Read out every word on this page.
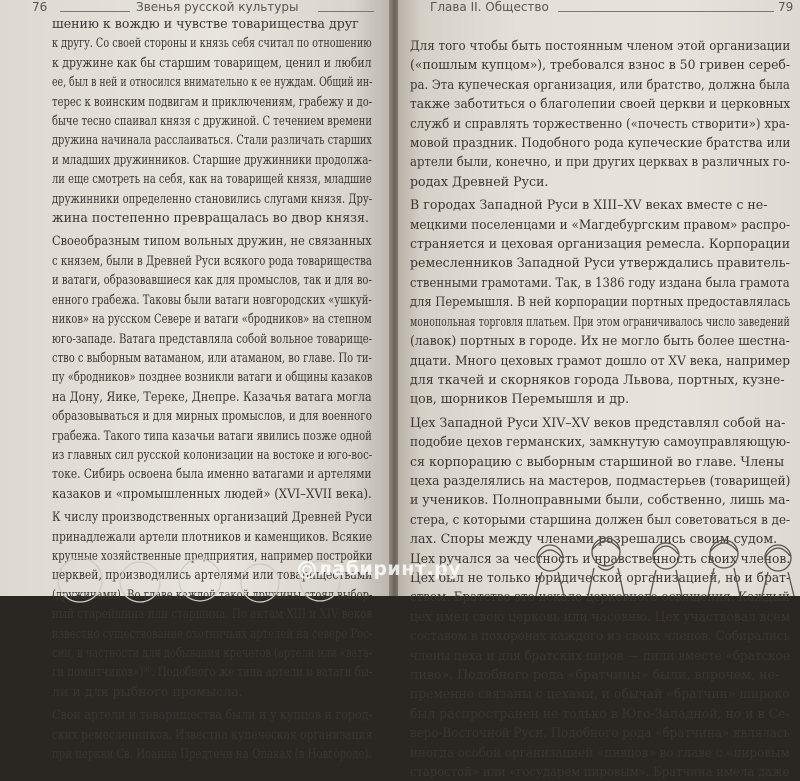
76	Звенья русской культуры
шению к вождю и чувстве товарищества друг
к другу. Со своей стороны и князь себя считал по отношению
к дружине как бы старшим товарищем, ценил и любил
ее, был в ней и относился внимательно к ее нуждам. Общий ин-
терес к воинским подвигам и приключениям, грабежу и до-
быче тесно спаивал князя с дружиной. С течением времени
дружина начинала расслаиваться. Стали различать старших
и младших дружинников. Старшие дружинники продолжа-
ли еще смотреть на себя, как на товарищей князя, младшие
дружинники определенно становились слугами князя. Дру-
жина постепенно превращалась во двор князя.
Своеобразным типом вольных дружин, не связанных
с князем, были в Древней Руси всякого рода товарищества
и ватаги, образовавшиеся как для промыслов, так и для во-
енного грабежа. Таковы были ватаги новгородских «ушкуй-
ников» на русском Севере и ватаги «бродников» на степном
юго-западе. Ватага представляла собой вольное товарище-
ство с выборным ватаманом, или атаманом, во главе. По ти-
пу «бродников» позднее возникли ватаги и общины казаков
на Дону, Яике, Тереке, Днепре. Казачья ватага могла
образовываться и для мирных промыслов, и для военного
грабежа. Такого типа казачьи ватаги явились позже одной
из главных сил русской колонизации на востоке и юго-вос-
токе. Сибирь освоена была именно ватагами и артелями
казаков и «промышленных людей» (XVI–XVII века).
К числу производственных организаций Древней Руси
принадлежали артели плотников и каменщиков. Всякие
крупные хозяйственные предприятия, например постройки
церквей, производились артелями или товариществами
(дружинами). Во главе каждой такой дружины стоял выбор-
ный старейшина или старшина. По актам XIII и XIV веков
известно существование охотничьих артелей на севере Рос-
сии, в частности для добывания кречетов (артели или «вата-
ги помытчиков»)⁹⁰. Подобного же типа артели и ватаги бы-
ли и для рыбного промысла.
Свои артели и товарищества были и у купцов и город-
ских ремесленников. Известна купеческая организация
при церкви Св. Иоанна Предтечи на Опаках (в Новгороде).
Глава II. Общество	79
Для того чтобы быть постоянным членом этой организации
(«пошлым купцом»), требовался взнос в 50 гривен сереб-
ра. Эта купеческая организация, или братство, должна была
также заботиться о благолепии своей церкви и церковных
служб и справлять торжественно («почесть створити») хра-
мовой праздник. Подобного рода купеческие братства или
артели были, конечно, и при других церквах в различных го-
родах Древней Руси.
В городах Западной Руси в XIII–XV веках вместе с не-
мецкими поселенцами и «Магдебургским правом» распро-
страняется и цеховая организация ремесла. Корпорации
ремесленников Западной Руси утверждались правитель-
ственными грамотами. Так, в 1386 году издана была грамота
для Перемышля. В ней корпорации портных предоставлялась
монопольная торговля платьем. При этом ограничивалось число заведений
(лавок) портных в городе. Их не могло быть более шестна-
дцати. Много цеховых грамот дошло от XV века, например
для ткачей и скорняков города Львова, портных, кузне-
цов, шорников Перемышля и др.
Цех Западной Руси XIV–XV веков представлял собой на-
подобие цехов германских, замкнутую самоуправляющую-
ся корпорацию с выборным старшиной во главе. Члены
цеха разделялись на мастеров, подмастерьев (товарищей)
и учеников. Полноправными были, собственно, лишь ма-
стера, с которыми старшина должен был советоваться в де-
лах. Споры между членами разрешались своим судом.
Цех ручался за честность и нравственность своих членов.
Цех был не только юридической организацией, но и брат-
ством. Братство это искало церковного освящения. Каждый
цех имел свою церковь или часовню. Цех участвовал всем
составом в похоронах каждого из своих членов. Собирались
члены цеха и для братских пиров — пили вместе «братское
пиво». Подобного рода «братчины» были, впрочем, не-
пременно связаны с цехами, и обычай «братчин» широко
был распространен не только в Юго-Западной, но и в Се-
веро-Восточной Руси. Подобного рода «братчина» являлась
иногда особой организацией «пивцов» во главе с «пировым
старостой» или «государем пировым». Братчина имела даже
лабиринт.ру
